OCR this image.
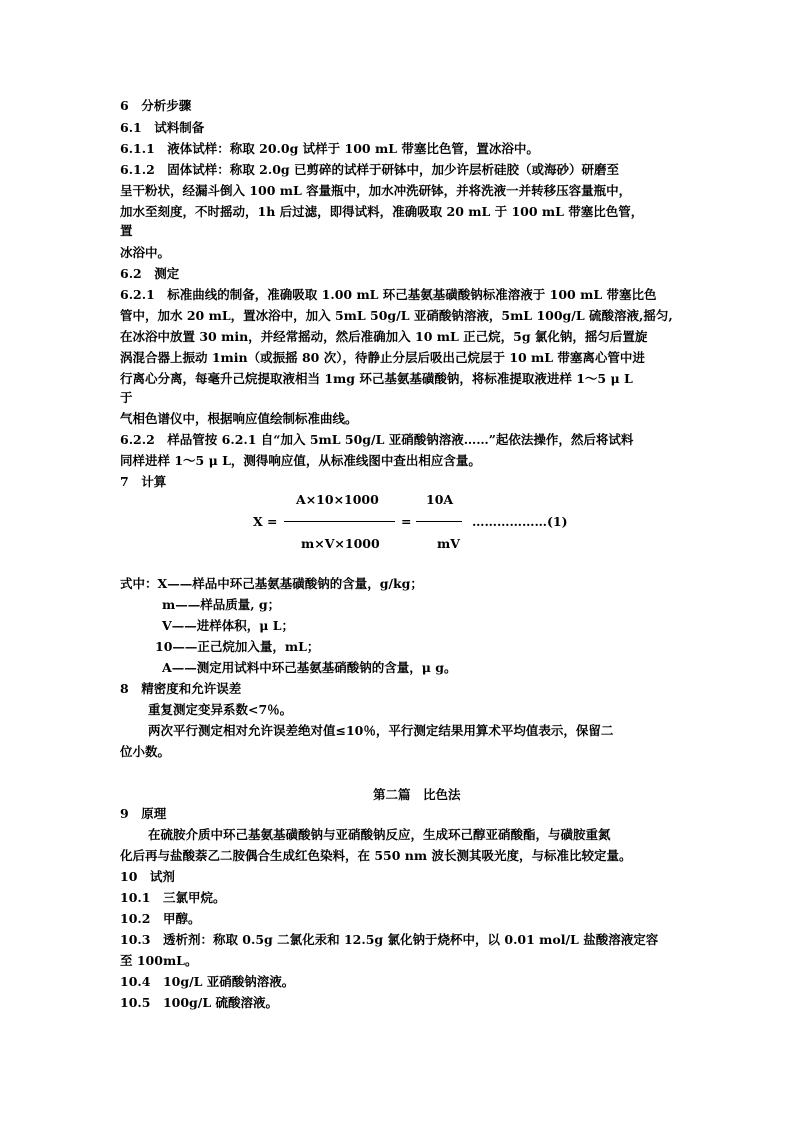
6　分析步骤
6.1　试料制备
6.1.1　液体试样：称取 20.0g 试样于 100 mL 带塞比色管，置冰浴中。
6.1.2　固体试样：称取 2.0g 已剪碎的试样于研钵中，加少许层析硅胶（或海砂）研磨至
呈干粉状，经漏斗倒入 100 mL 容量瓶中，加水冲洗研钵，并将洗液一并转移压容量瓶中，
加水至刻度，不时摇动，1h 后过滤，即得试料，准确吸取 20 mL 于 100 mL 带塞比色管，
置
冰浴中。
6.2　测定
6.2.1　标准曲线的制备，准确吸取 1.00 mL 环己基氨基磺酸钠标准溶液于 100 mL 带塞比色
管中，加水 20 mL，置冰浴中，加入 5mL 50g/L 亚硝酸钠溶液，5mL 100g/L 硫酸溶液,摇匀,
在冰浴中放置 30 min，并经常摇动，然后准确加入 10 mL 正己烷，5g 氯化钠，摇匀后置旋
涡混合器上振动 1min（或振摇 80 次），待静止分层后吸出己烷层于 10 mL 带塞离心管中进
行离心分离，每毫升己烷提取液相当 1mg 环己基氨基磺酸钠，将标准提取液进样 1～5 μ L
于
气相色谱仪中，根据响应值绘制标准曲线。
6.2.2　样品管按 6.2.1 自“加入 5mL 50g/L 亚硝酸钠溶液……”起依法操作，然后将试料
同样进样 1～5 μ L，测得响应值，从标准线图中查出相应含量。
7　计算
X =
A×10×1000
m×V×1000
=
10A
mV
………………(1)
式中：X——样品中环己基氨基磺酸钠的含量，g/kg；
m——样品质量, g；
V——进样体积，μ L；
10——正己烷加入量，mL；
A——测定用试料中环己基氨基硝酸钠的含量，μ g。
8　精密度和允许误差
重复测定变异系数<7％。
两次平行测定相对允许误差绝对值≤10％，平行测定结果用算术平均值表示，保留二
位小数。
第二篇　比色法
9　原理
在硫胺介质中环己基氨基磺酸钠与亚硝酸钠反应，生成环己醇亚硝酸酯，与磺胺重氮
化后再与盐酸萘乙二胺偶合生成红色染料，在 550 nm 波长测其吸光度，与标准比较定量。
10　试剂
10.1　三氯甲烷。
10.2　甲醇。
10.3　透析剂：称取 0.5g 二氯化汞和 12.5g 氯化钠于烧杯中，以 0.01 mol/L 盐酸溶液定容
至 100mL。
10.4　10g/L 亚硝酸钠溶液。
10.5　100g/L 硫酸溶液。
